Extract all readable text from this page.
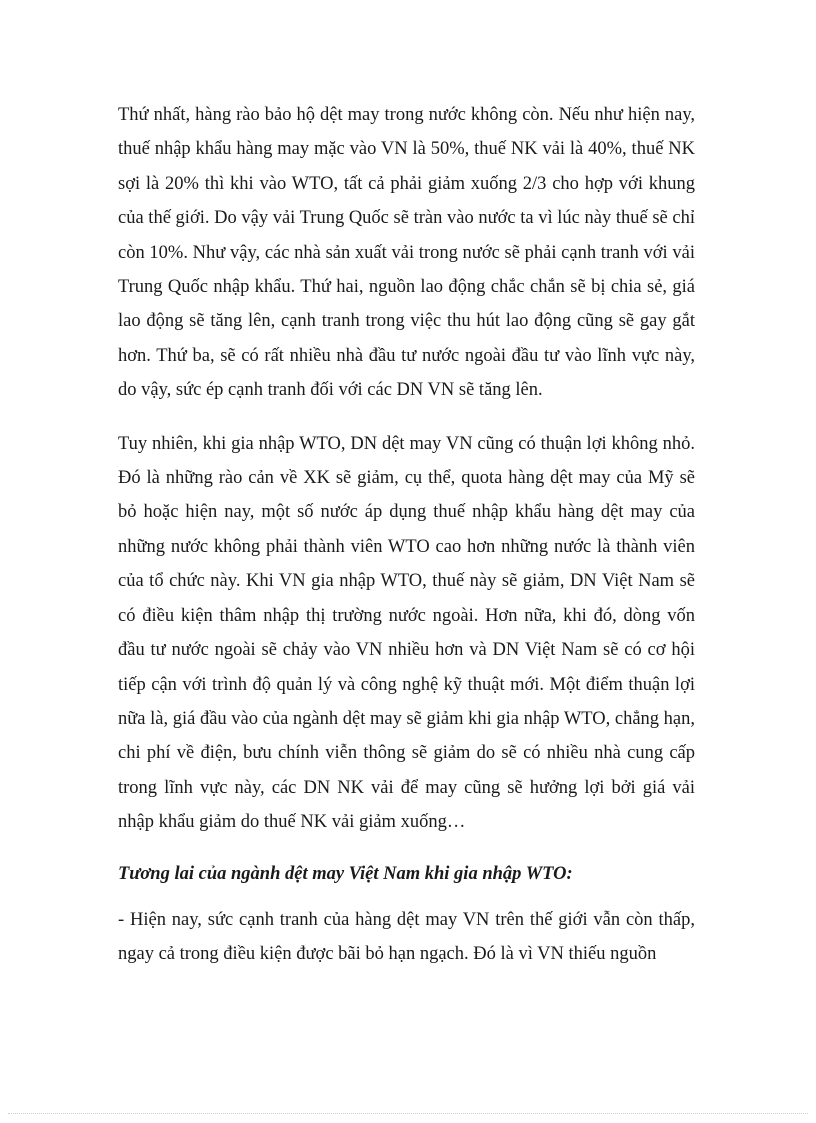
Thứ nhất, hàng rào bảo hộ dệt may trong nước không còn. Nếu như hiện nay, thuế nhập khẩu hàng may mặc vào VN là 50%, thuế NK vải là 40%, thuế NK sợi là 20% thì khi vào WTO, tất cả phải giảm xuống 2/3 cho hợp với khung của thế giới. Do vậy vải Trung Quốc sẽ tràn vào nước ta vì lúc này thuế sẽ chỉ còn 10%. Như vậy, các nhà sản xuất vải trong nước sẽ phải cạnh tranh với vải Trung Quốc nhập khẩu. Thứ hai, nguồn lao động chắc chắn sẽ bị chia sẻ, giá lao động sẽ tăng lên, cạnh tranh trong việc thu hút lao động cũng sẽ gay gắt hơn. Thứ ba, sẽ có rất nhiều nhà đầu tư nước ngoài đầu tư vào lĩnh vực này, do vậy, sức ép cạnh tranh đối với các DN VN sẽ tăng lên.

Tuy nhiên, khi gia nhập WTO, DN dệt may VN cũng có thuận lợi không nhỏ. Đó là những rào cản về XK sẽ giảm, cụ thể, quota hàng dệt may của Mỹ sẽ bỏ hoặc hiện nay, một số nước áp dụng thuế nhập khẩu hàng dệt may của những nước không phải thành viên WTO cao hơn những nước là thành viên của tổ chức này. Khi VN gia nhập WTO, thuế này sẽ giảm, DN Việt Nam sẽ có điều kiện thâm nhập thị trường nước ngoài. Hơn nữa, khi đó, dòng vốn đầu tư nước ngoài sẽ chảy vào VN nhiều hơn và DN Việt Nam sẽ có cơ hội tiếp cận với trình độ quản lý và công nghệ kỹ thuật mới. Một điểm thuận lợi nữa là, giá đầu vào của ngành dệt may sẽ giảm khi gia nhập WTO, chẳng hạn, chi phí về điện, bưu chính viễn thông sẽ giảm do sẽ có nhiều nhà cung cấp trong lĩnh vực này, các DN NK vải để may cũng sẽ hưởng lợi bởi giá vải nhập khẩu giảm do thuế NK vải giảm xuống…

Tương lai của ngành dệt may Việt Nam khi gia nhập WTO:

- Hiện nay, sức cạnh tranh của hàng dệt may VN trên thế giới vẫn còn thấp, ngay cả trong điều kiện được bãi bỏ hạn ngạch. Đó là vì VN thiếu nguồn
